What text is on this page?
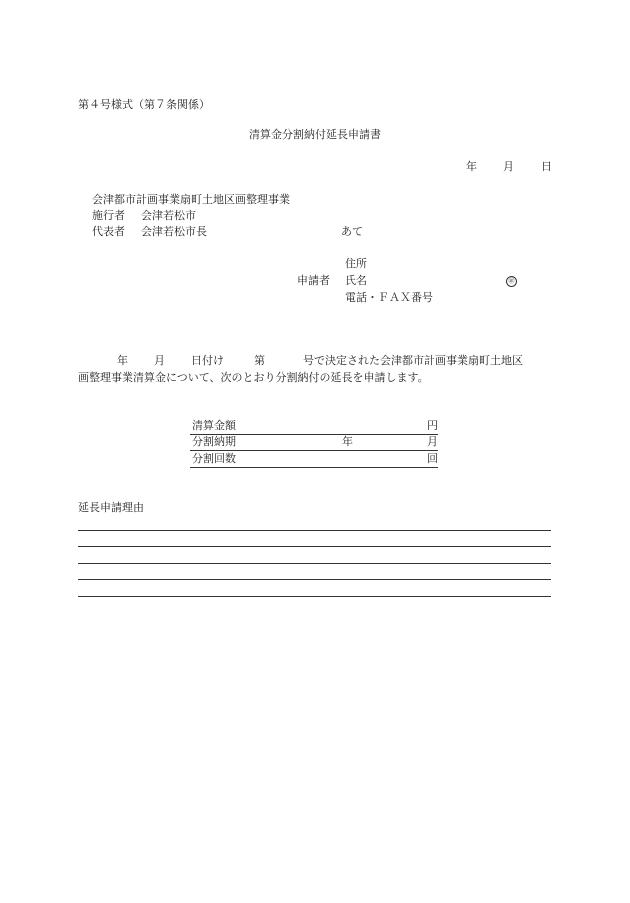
第４号様式（第７条関係）
清算金分割納付延長申請書
年 月 日
会津都市計画事業扇町土地区画整理事業
施行者 会津若松市
代表者 会津若松市長	あて
住所
申請者 氏名	㊞
電話・ＦＡＸ番号
年 月 日付け	第	号で決定された会津都市計画事業扇町土地区
画整理事業清算金について、次のとおり分割納付の延長を申請します。
清算金額	円
分割納期	年	月
分割回数	回
延長申請理由
